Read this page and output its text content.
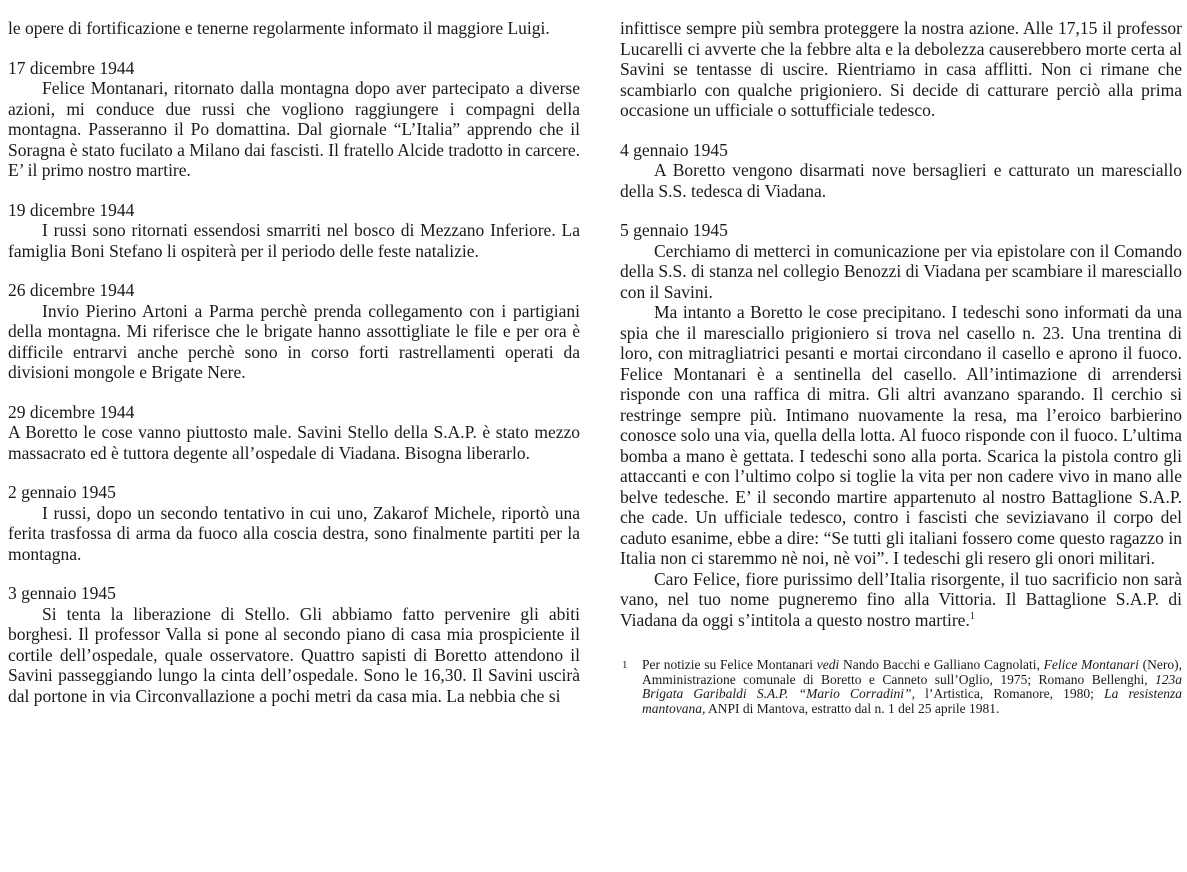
le opere di fortificazione e tenerne regolarmente informato il maggiore Luigi.

17 dicembre 1944

Felice Montanari, ritornato dalla montagna dopo aver partecipato a diverse azioni, mi conduce due russi che vogliono raggiungere i compagni della montagna. Passeranno il Po domattina. Dal giornale “L’Italia” apprendo che il Soragna è stato fucilato a Milano dai fascisti. Il fratello Alcide tradotto in carcere. E’ il primo nostro martire.

19 dicembre 1944

I russi sono ritornati essendosi smarriti nel bosco di Mezzano Inferiore. La famiglia Boni Stefano li ospiterà per il periodo delle feste natalizie.

26 dicembre 1944

Invio Pierino Artoni a Parma perchè prenda collegamento con i partigiani della montagna. Mi riferisce che le brigate hanno assottigliate le file e per ora è difficile entrarvi anche perchè sono in corso forti rastrellamenti operati da divisioni mongole e Brigate Nere.

29 dicembre 1944

A Boretto le cose vanno piuttosto male. Savini Stello della S.A.P. è stato mezzo massacrato ed è tuttora degente all’ospedale di Viadana. Bisogna liberarlo.

2 gennaio 1945

I russi, dopo un secondo tentativo in cui uno, Zakarof Michele, riportò una ferita trasfossa di arma da fuoco alla coscia destra, sono finalmente partiti per la montagna.

3 gennaio 1945

Si tenta la liberazione di Stello. Gli abbiamo fatto pervenire gli abiti borghesi. Il professor Valla si pone al secondo piano di casa mia prospiciente il cortile dell’ospedale, quale osservatore. Quattro sapisti di Boretto attendono il Savini passeggiando lungo la cinta dell’ospedale. Sono le 16,30. Il Savini uscirà dal portone in via Circonvallazione a pochi metri da casa mia. La nebbia che si

infittisce sempre più sembra proteggere la nostra azione. Alle 17,15 il professor Lucarelli ci avverte che la febbre alta e la debolezza causerebbero morte certa al Savini se tentasse di uscire. Rientriamo in casa afflitti. Non ci rimane che scambiarlo con qualche prigioniero. Si decide di catturare perciò alla prima occasione un ufficiale o sottufficiale tedesco.

4 gennaio 1945

A Boretto vengono disarmati nove bersaglieri e catturato un maresciallo della S.S. tedesca di Viadana.

5 gennaio 1945

Cerchiamo di metterci in comunicazione per via epistolare con il Comando della S.S. di stanza nel collegio Benozzi di Viadana per scambiare il maresciallo con il Savini.

Ma intanto a Boretto le cose precipitano. I tedeschi sono informati da una spia che il maresciallo prigioniero si trova nel casello n. 23. Una trentina di loro, con mitragliatrici pesanti e mortai circondano il casello e aprono il fuoco. Felice Montanari è a sentinella del casello. All’intimazione di arrendersi risponde con una raffica di mitra. Gli altri avanzano sparando. Il cerchio si restringe sempre più. Intimano nuovamente la resa, ma l’eroico barbierino conosce solo una via, quella della lotta. Al fuoco risponde con il fuoco. L’ultima bomba a mano è gettata. I tedeschi sono alla porta. Scarica la pistola contro gli attaccanti e con l’ultimo colpo si toglie la vita per non cadere vivo in mano alle belve tedesche. E’ il secondo martire appartenuto al nostro Battaglione S.A.P. che cade. Un ufficiale tedesco, contro i fascisti che seviziavano il corpo del caduto esanime, ebbe a dire: “Se tutti gli italiani fossero come questo ragazzo in Italia non ci staremmo nè noi, nè voi”. I tedeschi gli resero gli onori militari.

Caro Felice, fiore purissimo dell’Italia risorgente, il tuo sacrificio non sarà vano, nel tuo nome pugneremo fino alla Vittoria. Il Battaglione S.A.P. di Viadana da oggi s’intitola a questo nostro martire.$^1$

1 Per notizie su Felice Montanari vedi Nando Bacchi e Galliano Cagnolati, Felice Montanari (Nero), Amministrazione comunale di Boretto e Canneto sull’Oglio, 1975; Romano Bellenghi, 123a Brigata Garibaldi S.A.P. “Mario Corradini”, l’Artistica, Romanore, 1980; La resistenza mantovana, ANPI di Mantova, estratto dal n. 1 del 25 aprile 1981.
